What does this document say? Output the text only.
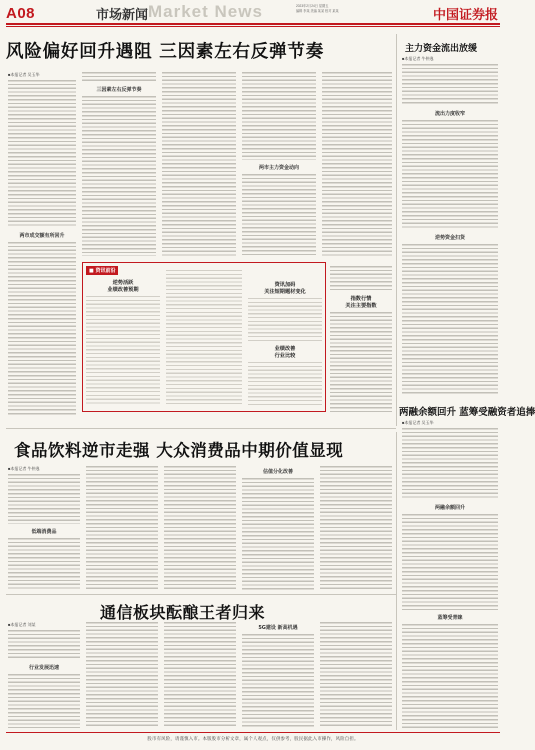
A08	市场新闻 Market News	2023年2月24日 星期五
编辑 李某 美编 某某 校对 某某	中国证券报
风险偏好回升遇阻 三因素左右反弹节奏
■本报记者 吴玉华
两市成交额有所回升
三因素左右反弹节奏
两市主力资金动向
主力资金流出放缓
■本报记者 牛仲逸
流出力度收窄
逆势资金扫货
■ 资讯前沿
逆势活跃
业绩改善预期
资讯加码
关注短期题材变化
业绩改善
行业比较
指数行情
关注主要指数
两融余额回升 蓝筹受融资者追捧
■本报记者 吴玉华
两融余额回升
蓝筹受青睐
食品饮料逆市走强 大众消费品中期价值显现
■本报记者 牛仲逸
低端消费品
估值分化改善
通信板块酝酿王者归来
■本报记者 刘某
行业发展迅速
5G建设 新高机遇
股市有风险，请谨慎入市。本版股市分析文章，属个人观点，仅供参考，股民据此入市操作，风险自担。
